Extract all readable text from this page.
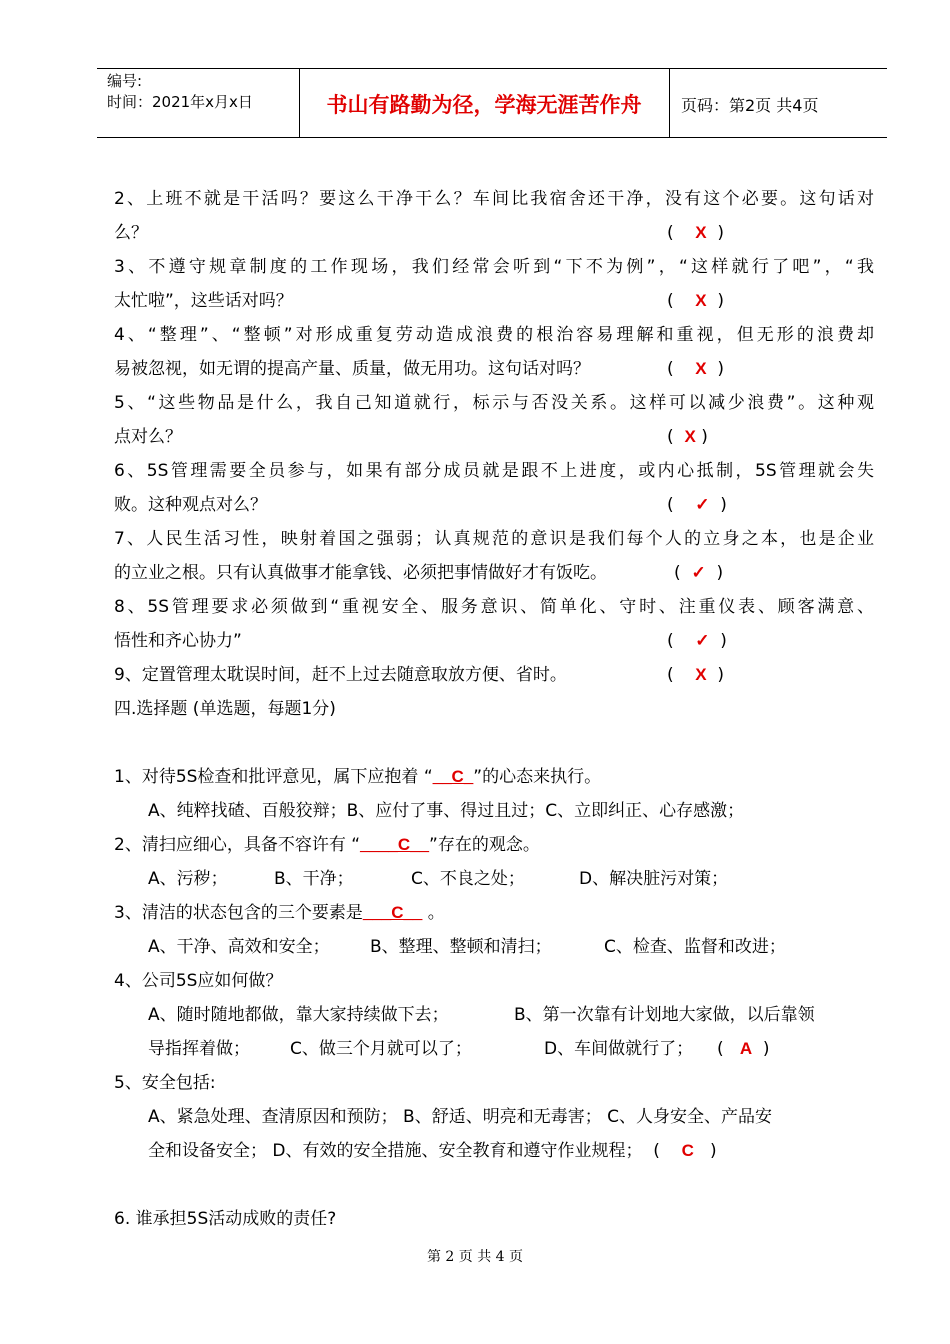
编号:
时间：2021年x月x日	书山有路勤为径，学海无涯苦作舟	页码：第2页 共4页
2、上班不就是干活吗？要这么干净干么？车间比我宿舍还干净，没有这个必要。这句话对
么？	(    X  )
3、不遵守规章制度的工作现场，我们经常会听到“下不为例”，“这样就行了吧”，“我
太忙啦”，这些话对吗？	(    X  )
4、“整理”、“整顿”对形成重复劳动造成浪费的根治容易理解和重视，但无形的浪费却
易被忽视，如无谓的提高产量、质量，做无用功。这句话对吗？	(    X  )
5、“这些物品是什么，我自己知道就行，标示与否没关系。这样可以减少浪费”。这种观
点对么？	(  X )
6、5S管理需要全员参与，如果有部分成员就是跟不上进度，或内心抵制，5S管理就会失
败。这种观点对么？	(    ✓  )
7、人民生活习性，映射着国之强弱；认真规范的意识是我们每个人的立身之本，也是企业
的立业之根。只有认真做事才能拿钱、必须把事情做好才有饭吃。	(  ✓  )
8、5S管理要求必须做到“重视安全、服务意识、简单化、守时、注重仪表、顾客满意、
悟性和齐心协力”	(    ✓  )
9、定置管理太耽误时间，赶不上过去随意取放方便、省时。	(    X  )
四.选择题 (单选题，每题1分)
1、对待5S检查和批评意见，属下应抱着 “__C_”的心态来执行。
A、纯粹找碴、百般狡辩；B、应付了事、得过且过；C、立即纠正、心存感激；
2、清扫应细心，具备不容许有 “____C__”存在的观念。
A、污秽；	B、干净；	C、不良之处；	D、解决脏污对策；
3、清洁的状态包含的三个要素是___C__ 。
A、干净、高效和安全； B、整理、整顿和清扫；	C、检查、监督和改进；
4、公司5S应如何做？
A、随时随地都做，靠大家持续做下去；	B、第一次靠有计划地大家做，以后靠领
导指挥着做； C、做三个月就可以了；	D、车间做就行了； (   A  )
5、安全包括:
A、紧急处理、查清原因和预防； B、舒适、明亮和无毒害； C、人身安全、产品安
全和设备安全； D、有效的安全措施、安全教育和遵守作业规程；  (    C   )
6. 谁承担5S活动成败的责任?
第 2 页 共 4 页
